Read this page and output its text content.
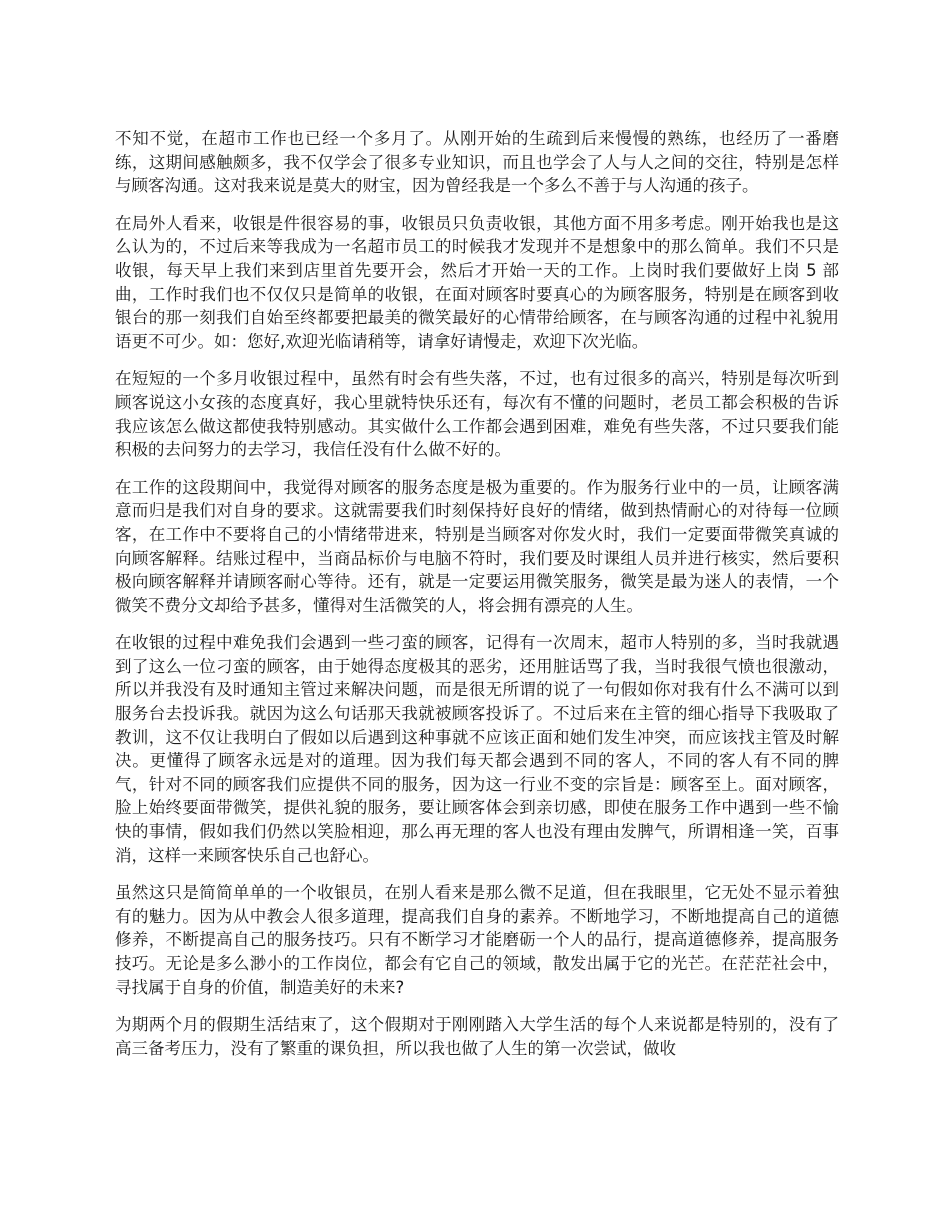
不知不觉，在超市工作也已经一个多月了。从刚开始的生疏到后来慢慢的熟练，也经历了一番磨练，这期间感触颇多，我不仅学会了很多专业知识，而且也学会了人与人之间的交往，特别是怎样与顾客沟通。这对我来说是莫大的财宝，因为曾经我是一个多么不善于与人沟通的孩子。

在局外人看来，收银是件很容易的事，收银员只负责收银，其他方面不用多考虑。刚开始我也是这么认为的，不过后来等我成为一名超市员工的时候我才发现并不是想象中的那么简单。我们不只是收银，每天早上我们来到店里首先要开会，然后才开始一天的工作。上岗时我们要做好上岗 5 部曲，工作时我们也不仅仅只是简单的收银，在面对顾客时要真心的为顾客服务，特别是在顾客到收银台的那一刻我们自始至终都要把最美的微笑最好的心情带给顾客，在与顾客沟通的过程中礼貌用语更不可少。如：您好,欢迎光临请稍等，请拿好请慢走，欢迎下次光临。

在短短的一个多月收银过程中，虽然有时会有些失落，不过，也有过很多的高兴，特别是每次听到顾客说这小女孩的态度真好，我心里就特快乐还有，每次有不懂的问题时，老员工都会积极的告诉我应该怎么做这都使我特别感动。其实做什么工作都会遇到困难，难免有些失落，不过只要我们能积极的去问努力的去学习，我信任没有什么做不好的。

在工作的这段期间中，我觉得对顾客的服务态度是极为重要的。作为服务行业中的一员，让顾客满意而归是我们对自身的要求。这就需要我们时刻保持好良好的情绪，做到热情耐心的对待每一位顾客，在工作中不要将自己的小情绪带进来，特别是当顾客对你发火时，我们一定要面带微笑真诚的向顾客解释。结账过程中，当商品标价与电脑不符时，我们要及时课组人员并进行核实，然后要积极向顾客解释并请顾客耐心等待。还有，就是一定要运用微笑服务，微笑是最为迷人的表情，一个微笑不费分文却给予甚多，懂得对生活微笑的人，将会拥有漂亮的人生。

在收银的过程中难免我们会遇到一些刁蛮的顾客，记得有一次周末，超市人特别的多，当时我就遇到了这么一位刁蛮的顾客，由于她得态度极其的恶劣，还用脏话骂了我，当时我很气愤也很激动，所以并我没有及时通知主管过来解决问题，而是很无所谓的说了一句假如你对我有什么不满可以到服务台去投诉我。就因为这么句话那天我就被顾客投诉了。不过后来在主管的细心指导下我吸取了教训，这不仅让我明白了假如以后遇到这种事就不应该正面和她们发生冲突，而应该找主管及时解决。更懂得了顾客永远是对的道理。因为我们每天都会遇到不同的客人，不同的客人有不同的脾气，针对不同的顾客我们应提供不同的服务，因为这一行业不变的宗旨是：顾客至上。面对顾客，脸上始终要面带微笑，提供礼貌的服务，要让顾客体会到亲切感，即使在服务工作中遇到一些不愉快的事情，假如我们仍然以笑脸相迎，那么再无理的客人也没有理由发脾气，所谓相逢一笑，百事消，这样一来顾客快乐自己也舒心。

虽然这只是简简单单的一个收银员，在别人看来是那么微不足道，但在我眼里，它无处不显示着独有的魅力。因为从中教会人很多道理，提高我们自身的素养。不断地学习，不断地提高自己的道德修养，不断提高自己的服务技巧。只有不断学习才能磨砺一个人的品行，提高道德修养，提高服务技巧。无论是多么渺小的工作岗位，都会有它自己的领域，散发出属于它的光芒。在茫茫社会中，寻找属于自身的价值，制造美好的未来?

为期两个月的假期生活结束了，这个假期对于刚刚踏入大学生活的每个人来说都是特别的，没有了高三备考压力，没有了繁重的课负担，所以我也做了人生的第一次尝试，做收
